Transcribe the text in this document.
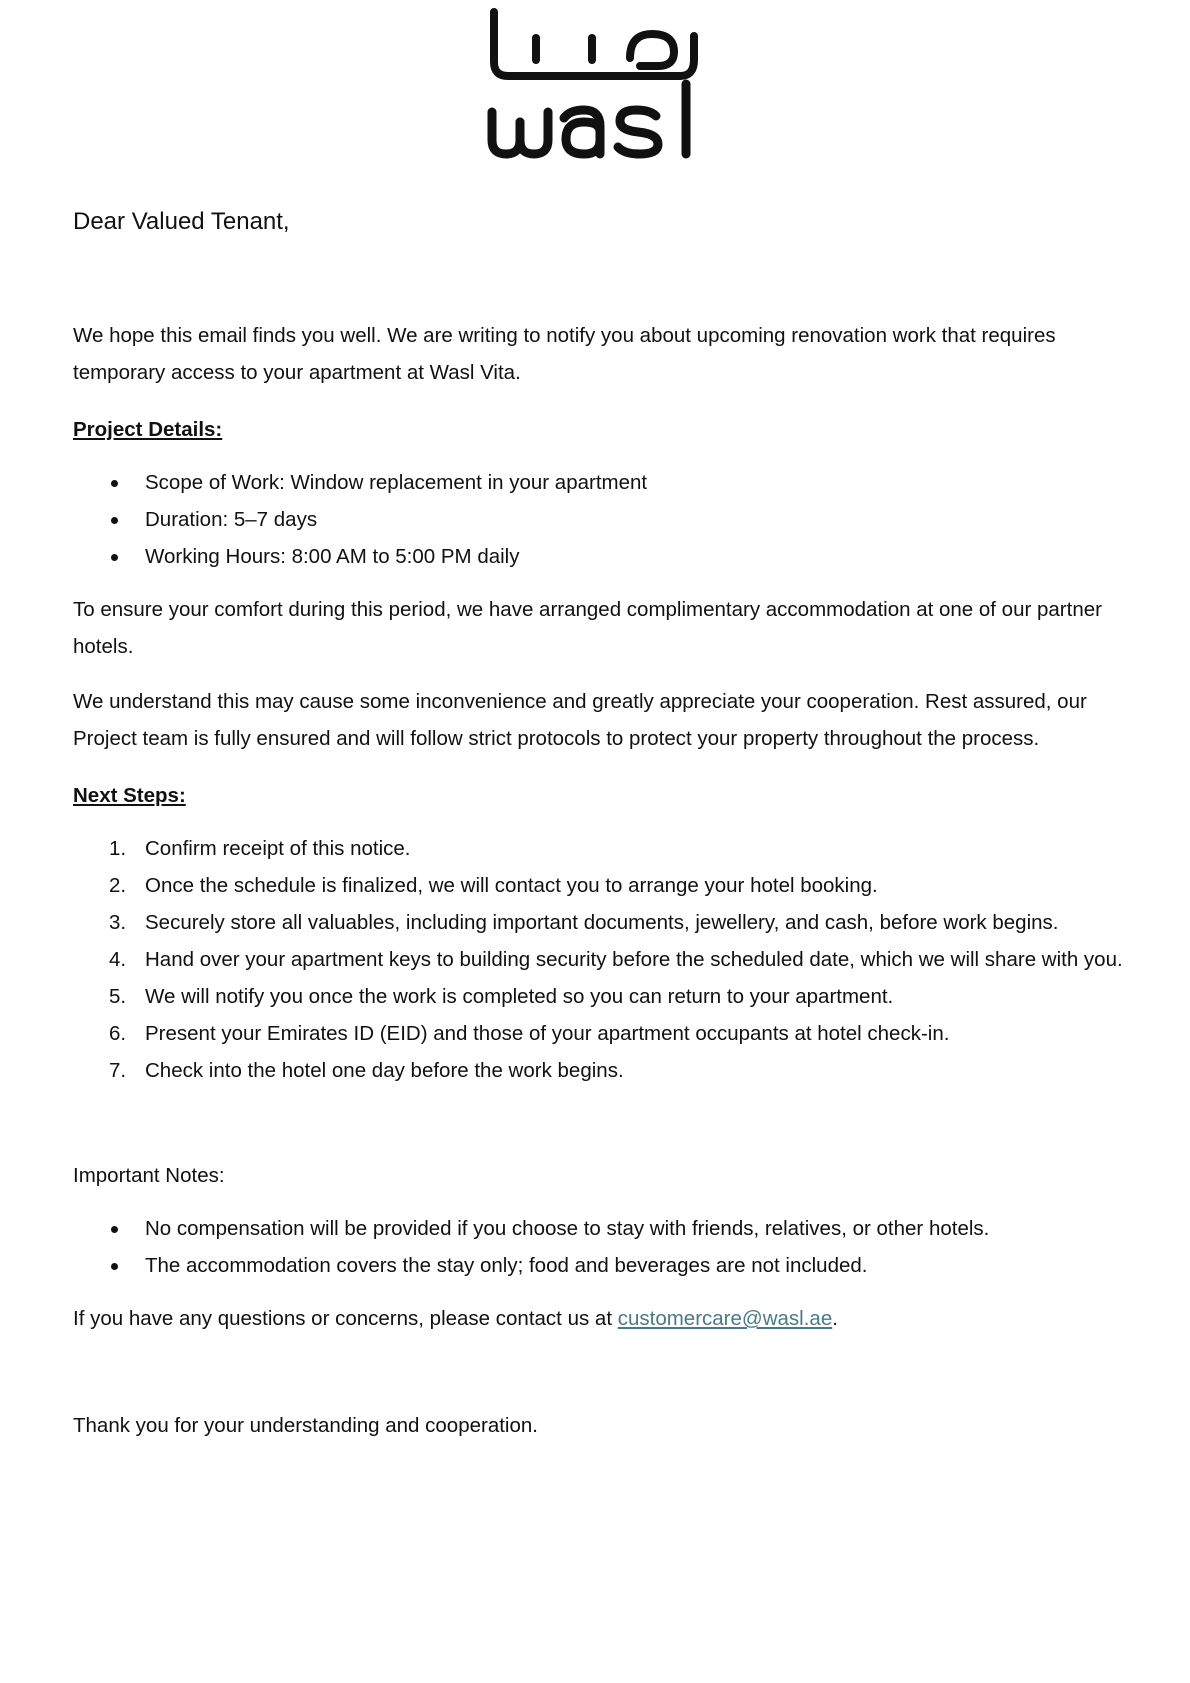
Dear Valued Tenant,

We hope this email finds you well. We are writing to notify you about upcoming renovation work that requires temporary access to your apartment at Wasl Vita.

Project Details:

Scope of Work: Window replacement in your apartment
Duration: 5–7 days
Working Hours: 8:00 AM to 5:00 PM daily

To ensure your comfort during this period, we have arranged complimentary accommodation at one of our partner hotels.

We understand this may cause some inconvenience and greatly appreciate your cooperation. Rest assured, our Project team is fully ensured and will follow strict protocols to protect your property throughout the process.

Next Steps:

1. Confirm receipt of this notice.
2. Once the schedule is finalized, we will contact you to arrange your hotel booking.
3. Securely store all valuables, including important documents, jewellery, and cash, before work begins.
4. Hand over your apartment keys to building security before the scheduled date, which we will share with you.
5. We will notify you once the work is completed so you can return to your apartment.
6. Present your Emirates ID (EID) and those of your apartment occupants at hotel check-in.
7. Check into the hotel one day before the work begins.

Important Notes:

No compensation will be provided if you choose to stay with friends, relatives, or other hotels.
The accommodation covers the stay only; food and beverages are not included.

If you have any questions or concerns, please contact us at customercare@wasl.ae.

Thank you for your understanding and cooperation.
